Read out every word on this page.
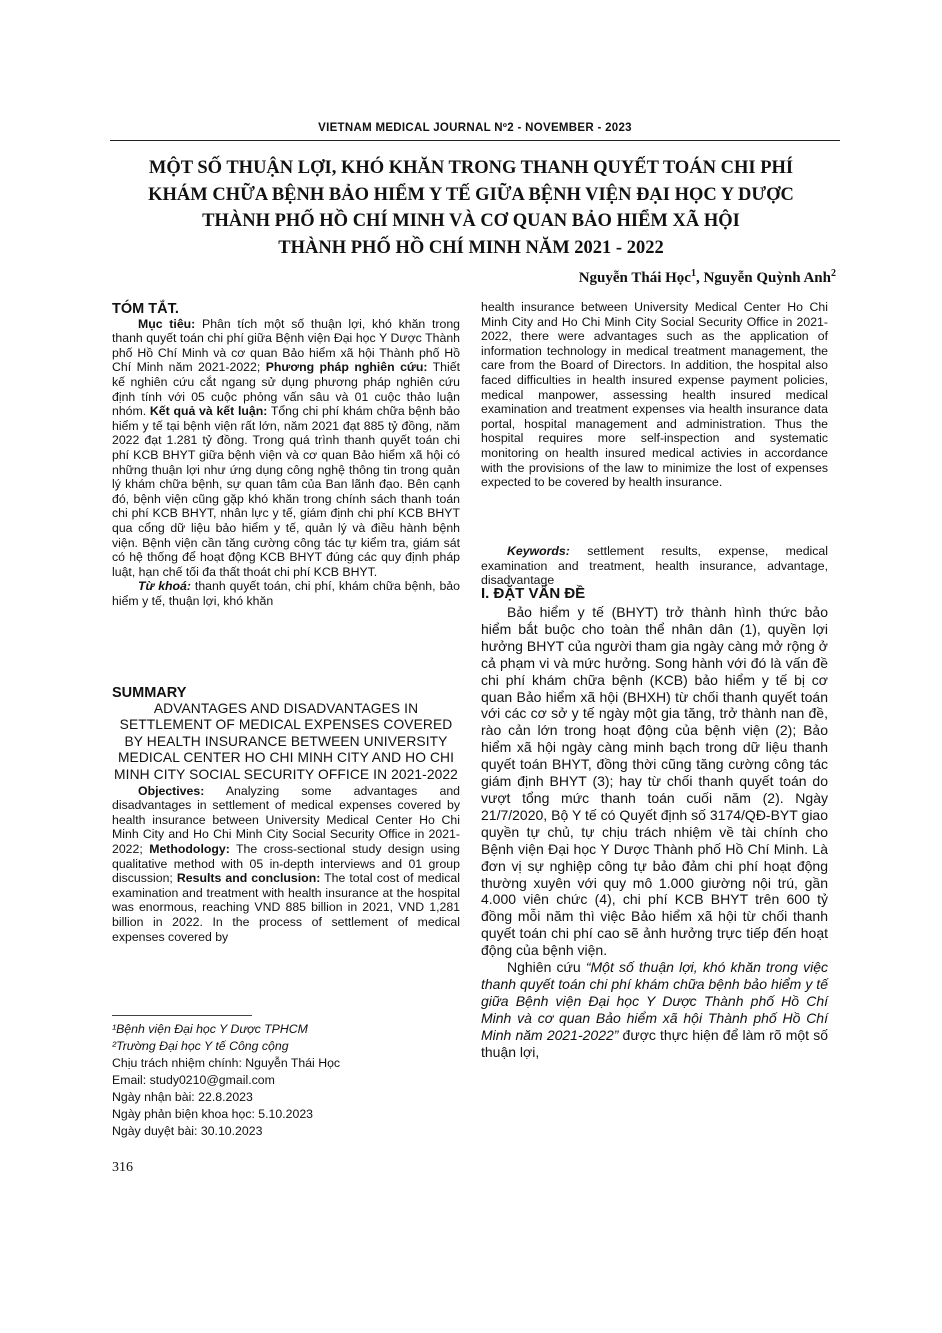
VIETNAM MEDICAL JOURNAL Nº2 - NOVEMBER - 2023
MỘT SỐ THUẬN LỢI, KHÓ KHĂN TRONG THANH QUYẾT TOÁN CHI PHÍ
KHÁM CHỮA BỆNH BẢO HIỂM Y TẾ GIỮA BỆNH VIỆN ĐẠI HỌC Y DƯỢC
THÀNH PHỐ HỒ CHÍ MINH VÀ CƠ QUAN BẢO HIỂM XÃ HỘI
THÀNH PHỐ HỒ CHÍ MINH NĂM 2021 - 2022
Nguyễn Thái Học$^1$, Nguyễn Quỳnh Anh$^2$

TÓM TẮT.

Mục tiêu: Phân tích một số thuận lợi, khó khăn trong thanh quyết toán chi phí giữa Bệnh viện Đại học Y Dược Thành phố Hồ Chí Minh và cơ quan Bảo hiểm xã hội Thành phố Hồ Chí Minh năm 2021-2022; Phương pháp nghiên cứu: Thiết kế nghiên cứu cắt ngang sử dụng phương pháp nghiên cứu định tính với 05 cuộc phỏng vấn sâu và 01 cuộc thảo luận nhóm. Kết quả và kết luận: Tổng chi phí khám chữa bệnh bảo hiểm y tế tại bệnh viện rất lớn, năm 2021 đạt 885 tỷ đồng, năm 2022 đạt 1.281 tỷ đồng. Trong quá trình thanh quyết toán chi phí KCB BHYT giữa bệnh viện và cơ quan Bảo hiểm xã hội có những thuận lợi như ứng dụng công nghệ thông tin trong quản lý khám chữa bệnh, sự quan tâm của Ban lãnh đạo. Bên cạnh đó, bệnh viện cũng gặp khó khăn trong chính sách thanh toán chi phí KCB BHYT, nhân lực y tế, giám định chi phí KCB BHYT qua cổng dữ liệu bảo hiểm y tế, quản lý và điều hành bệnh viện. Bệnh viện cần tăng cường công tác tự kiểm tra, giám sát có hệ thống để hoạt động KCB BHYT đúng các quy định pháp luật, hạn chế tối đa thất thoát chi phí KCB BHYT.

Từ khoá: thanh quyết toán, chi phí, khám chữa bệnh, bảo hiểm y tế, thuận lợi, khó khăn

SUMMARY

ADVANTAGES AND DISADVANTAGES IN SETTLEMENT OF MEDICAL EXPENSES COVERED BY HEALTH INSURANCE BETWEEN UNIVERSITY MEDICAL CENTER HO CHI MINH CITY AND HO CHI MINH CITY SOCIAL SECURITY OFFICE IN 2021-2022

Objectives: Analyzing some advantages and disadvantages in settlement of medical expenses covered by health insurance between University Medical Center Ho Chi Minh City and Ho Chi Minh City Social Security Office in 2021-2022; Methodology: The cross-sectional study design using qualitative method with 05 in-depth interviews and 01 group discussion; Results and conclusion: The total cost of medical examination and treatment with health insurance at the hospital was enormous, reaching VND 885 billion in 2021, VND 1,281 billion in 2022. In the process of settlement of medical expenses covered by

¹Bệnh viện Đại học Y Dược TPHCM

²Trường Đại học Y tế Công cộng

Chịu trách nhiệm chính: Nguyễn Thái Học

Email: study0210@gmail.com

Ngày nhận bài: 22.8.2023

Ngày phản biện khoa học: 5.10.2023

Ngày duyệt bài: 30.10.2023

316

Keywords: settlement results, expense, medical examination and treatment, health insurance, advantage, disadvantage

I. ĐẶT VẤN ĐỀ

Bảo hiểm y tế (BHYT) trở thành hình thức bảo hiểm bắt buộc cho toàn thể nhân dân (1), quyền lợi hưởng BHYT của người tham gia ngày càng mở rộng ở cả phạm vi và mức hưởng. Song hành với đó là vấn đề chi phí khám chữa bệnh (KCB) bảo hiểm y tế bị cơ quan Bảo hiểm xã hội (BHXH) từ chối thanh quyết toán với các cơ sở y tế ngày một gia tăng, trở thành nan đề, rào cản lớn trong hoạt động của bệnh viện (2); Bảo hiểm xã hội ngày càng minh bạch trong dữ liệu thanh quyết toán BHYT, đồng thời cũng tăng cường công tác giám định BHYT (3); hay từ chối thanh quyết toán do vượt tổng mức thanh toán cuối năm (2). Ngày 21/7/2020, Bộ Y tế có Quyết định số 3174/QĐ-BYT giao quyền tự chủ, tự chịu trách nhiệm về tài chính cho Bệnh viện Đại học Y Dược Thành phố Hồ Chí Minh. Là đơn vị sự nghiệp công tự bảo đảm chi phí hoạt động thường xuyên với quy mô 1.000 giường nội trú, gần 4.000 viên chức (4), chi phí KCB BHYT trên 600 tỷ đồng mỗi năm thì việc Bảo hiểm xã hội từ chối thanh quyết toán chi phí cao sẽ ảnh hưởng trực tiếp đến hoạt động của bệnh viện.

Nghiên cứu “Một số thuận lợi, khó khăn trong việc thanh quyết toán chi phí khám chữa bệnh bảo hiểm y tế giữa Bệnh viện Đại học Y Dược Thành phố Hồ Chí Minh và cơ quan Bảo hiểm xã hội Thành phố Hồ Chí Minh năm 2021-2022” được thực hiện để làm rõ một số thuận lợi,

health insurance between University Medical Center Ho Chi Minh City and Ho Chi Minh City Social Security Office in 2021-2022, there were advantages such as the application of information technology in medical treatment management, the care from the Board of Directors. In addition, the hospital also faced difficulties in health insured expense payment policies, medical manpower, assessing health insured medical examination and treatment expenses via health insurance data portal, hospital management and administration. Thus the hospital requires more self-inspection and systematic monitoring on health insured medical activies in accordance with the provisions of the law to minimize the lost of expenses expected to be covered by health insurance.
